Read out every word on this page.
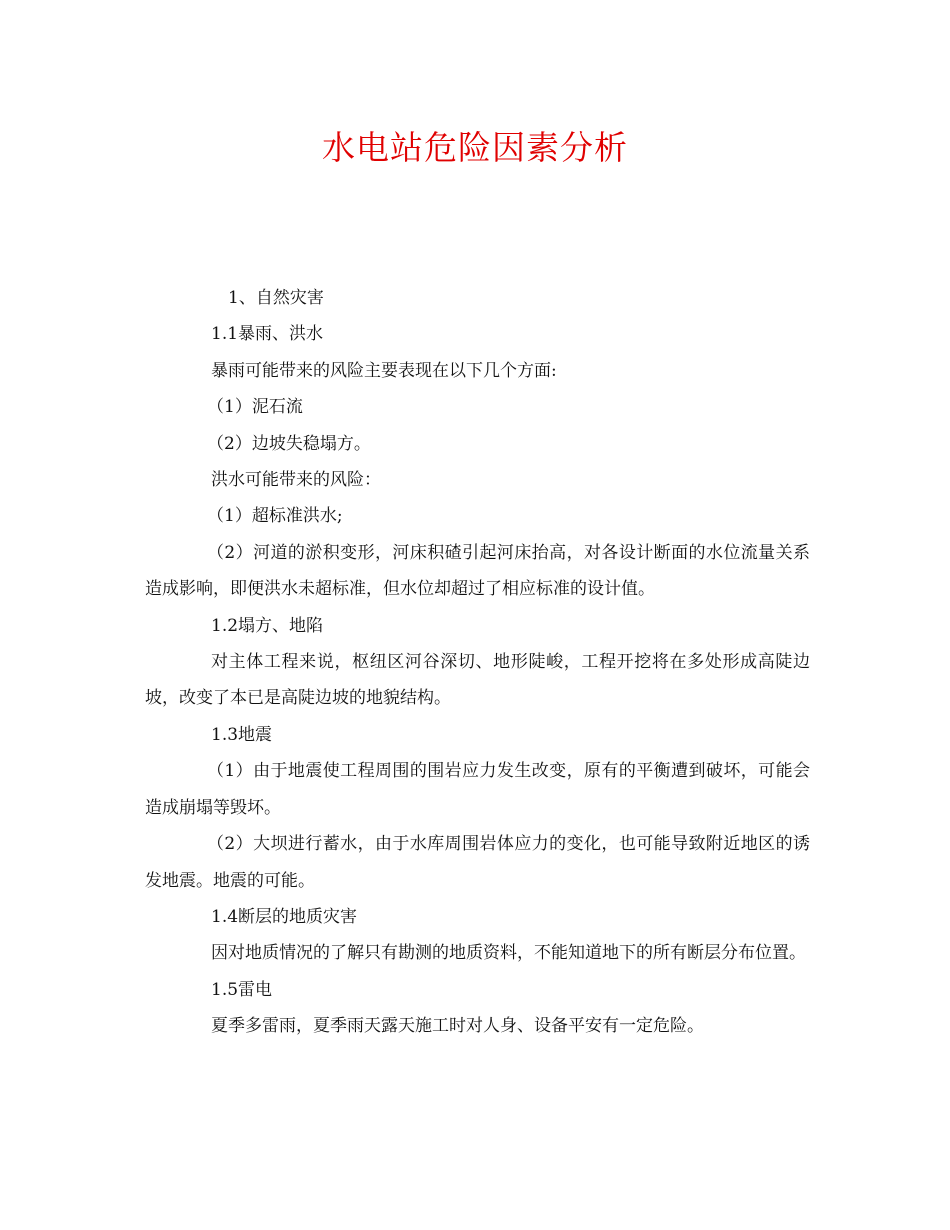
水电站危险因素分析

1、自然灾害

1.1暴雨、洪水

暴雨可能带来的风险主要表现在以下几个方面:

（1）泥石流

（2）边坡失稳塌方。

洪水可能带来的风险：

（1）超标准洪水;

（2）河道的淤积变形，河床积碴引起河床抬高，对各设计断面的水位流量关系造成影响，即便洪水未超标准，但水位却超过了相应标准的设计值。

1.2塌方、地陷

对主体工程来说，枢纽区河谷深切、地形陡峻，工程开挖将在多处形成高陡边坡，改变了本已是高陡边坡的地貌结构。

1.3地震

（1）由于地震使工程周围的围岩应力发生改变，原有的平衡遭到破坏，可能会造成崩塌等毁坏。

（2）大坝进行蓄水，由于水库周围岩体应力的变化，也可能导致附近地区的诱发地震。地震的可能。

1.4断层的地质灾害

因对地质情况的了解只有勘测的地质资料，不能知道地下的所有断层分布位置。

1.5雷电

夏季多雷雨，夏季雨天露天施工时对人身、设备平安有一定危险。
